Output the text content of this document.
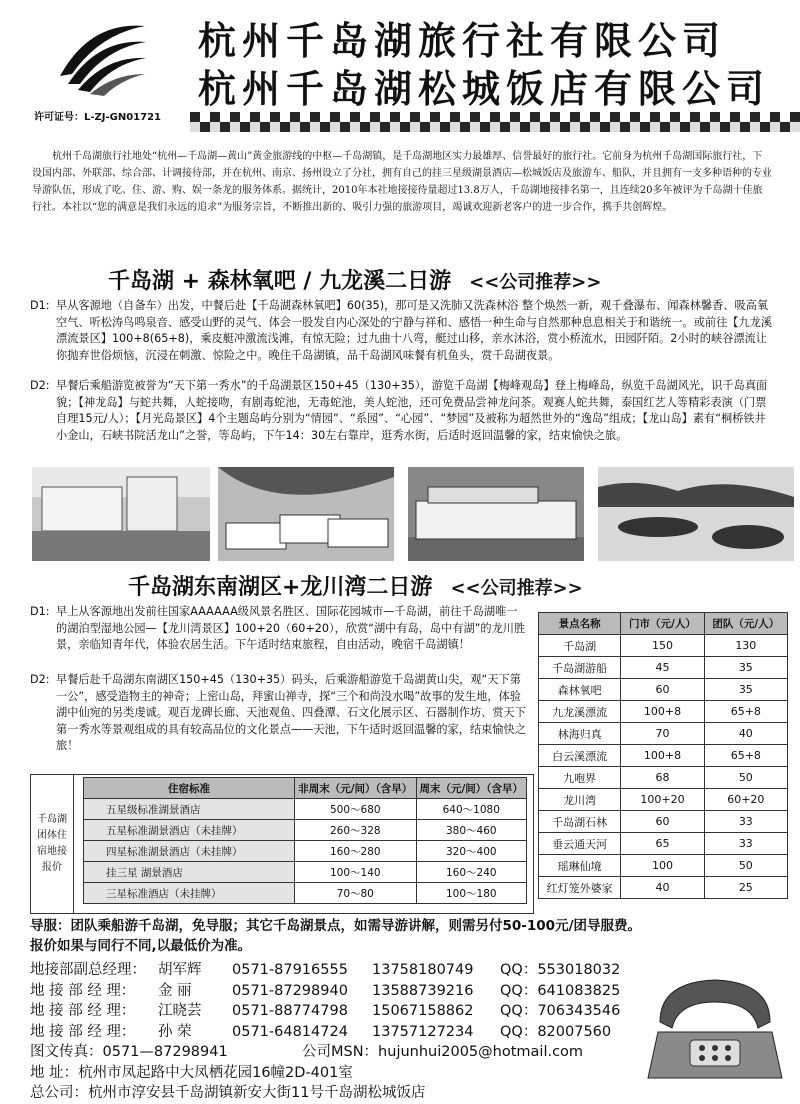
许可证号：L-ZJ-GN01721
杭州千岛湖旅行社有限公司
杭州千岛湖松城饭店有限公司
杭州千岛湖旅行社地处“杭州—千岛湖—黄山”黄金旅游线的中枢—千岛湖镇，是千岛湖地区实力最雄厚、信誉最好的旅行社。它前身为杭州千岛湖国际旅行社，下设国内部、外联部、综合部、计调接待部，并在杭州、南京、扬州设立了分社，拥有自己的挂三星级湖景酒店—松城饭店及旅游车、船队，并且拥有一支多种语种的专业导游队伍，形成了吃、住、游、购、娱一条龙的服务体系。据统计，2010年本社地接接待量超过13.8万人，千岛湖地接排名第一，且连续20多年被评为千岛湖十佳旅行社。本社以“您的满意是我们永远的追求”为服务宗旨，不断推出新的、吸引力强的旅游项目，竭诚欢迎新老客户的进一步合作，携手共创辉煌。
千岛湖 + 森林氧吧 / 九龙溪二日游 <<公司推荐>>
D1: 早从客源地（自备车）出发，中餐后赴【千岛湖森林氧吧】60(35)，那可是又洗肺又洗森林浴 整个焕然一新，观千叠瀑布、闻森林馨香、吸高氧空气、听松涛鸟鸣泉音、感受山野的灵气、体会一股发自内心深处的宁静与祥和、感悟一种生命与自然那种息息相关于和谐统一。或前往【九龙溪漂流景区】100+8(65+8)，乘皮艇冲激流浅滩，有惊无险；过九曲十八弯，艇过山移，亲水沐浴，赏小桥流水，田园阡陌。2小时的峡谷漂流让你抛弃世俗烦恼，沉浸在刺激、惊险之中。晚住千岛湖镇，品千岛湖风味餐有机鱼头，赏千岛湖夜景。
D2: 早餐后乘船游览被誉为“天下第一秀水”的千岛湖景区150+45（130+35），游览千岛湖【梅峰观岛】登上梅峰岛，纵览千岛湖风光，识千岛真面貌；【神龙岛】与蛇共舞，人蛇接吻，有剧毒蛇池，无毒蛇池，美人蛇池，还可免费品尝神龙问茶。观赛人蛇共舞，泰国红艺人等精彩表演（门票自理15元/人）；【月光岛景区】4个主题岛屿分别为“情园”、“系园”、“心园”、“梦园”及被称为超然世外的“逸岛”组成；【龙山岛】素有“桐桥铁井小金山，石峡书院活龙山”之誉，等岛屿，下午14：30左右靠岸，逛秀水街，后适时返回温馨的家，结束愉快之旅。
千岛湖东南湖区+龙川湾二日游 <<公司推荐>>
D1: 早上从客源地出发前往国家AAAAAA级风景名胜区、国际花园城市—千岛湖，前往千岛湖唯一的湖泊型湿地公园—【龙川湾景区】100+20（60+20），欣赏“湖中有岛，岛中有湖”的龙川胜景，亲临知青年代，体验农居生活。下午适时结束旅程，自由活动，晚宿千岛湖镇！
D2: 早餐后赴千岛湖东南湖区150+45（130+35）码头，后乘游船游览千岛湖黄山尖，观“天下第一公”，感受造物主的神奇；上密山岛，拜蜜山禅寺，探“三个和尚没水喝”故事的发生地，体验湖中仙宛的另类虔诚。观百龙碑长廊、天池观鱼、四叠潭、石文化展示区、石器制作坊、赏天下第一秀水等景观组成的具有较高品位的文化景点——天池，下午适时返回温馨的家，结束愉快之旅！
景点名称	门市（元/人）	团队（元/人）
千岛湖	150	130
千岛湖游船	45	35
森林氧吧	60	35
九龙溪漂流	100+8	65+8
林海归真	70	40
白云溪漂流	100+8	65+8
九咆界	68	50
龙川湾	100+20	60+20
千岛湖石林	60	33
垂云通天河	65	33
瑶琳仙境	100	50
红灯笼外婆家	40	25
千岛湖团体住宿地接报价
住宿标准	非周末（元/间）（含早）	周末（元/间）（含早）
五星级标准湖景酒店	500～680	640～1080
五星标准湖景酒店（未挂牌）	260～328	380～460
四星标准湖景酒店（未挂牌）	160～280	320～400
挂三星 湖景酒店	100～140	160～240
三星标准酒店（未挂牌）	70～80	100～180
导服：团队乘船游千岛湖，免导服；其它千岛湖景点，如需导游讲解，则需另付50-100元/团导服费。
报价如果与同行不同,以最低价为准。
地接部副总经理： 胡军辉 0571-87916555 13758180749 QQ：553018032
地 接 部 经 理： 金 丽	0571-87298940 13588739216 QQ：641083825
地 接 部 经 理： 江晓芸 0571-88774798 15067158862 QQ：706343546
地 接 部 经 理： 孙 荣	0571-64814724 13757127234 QQ：82007560
图文传真：0571—87298941	公司MSN：hujunhui2005@hotmail.com
地 址：杭州市凤起路中大凤栖花园16幢2D-401室
总公司：杭州市淳安县千岛湖镇新安大街11号千岛湖松城饭店
